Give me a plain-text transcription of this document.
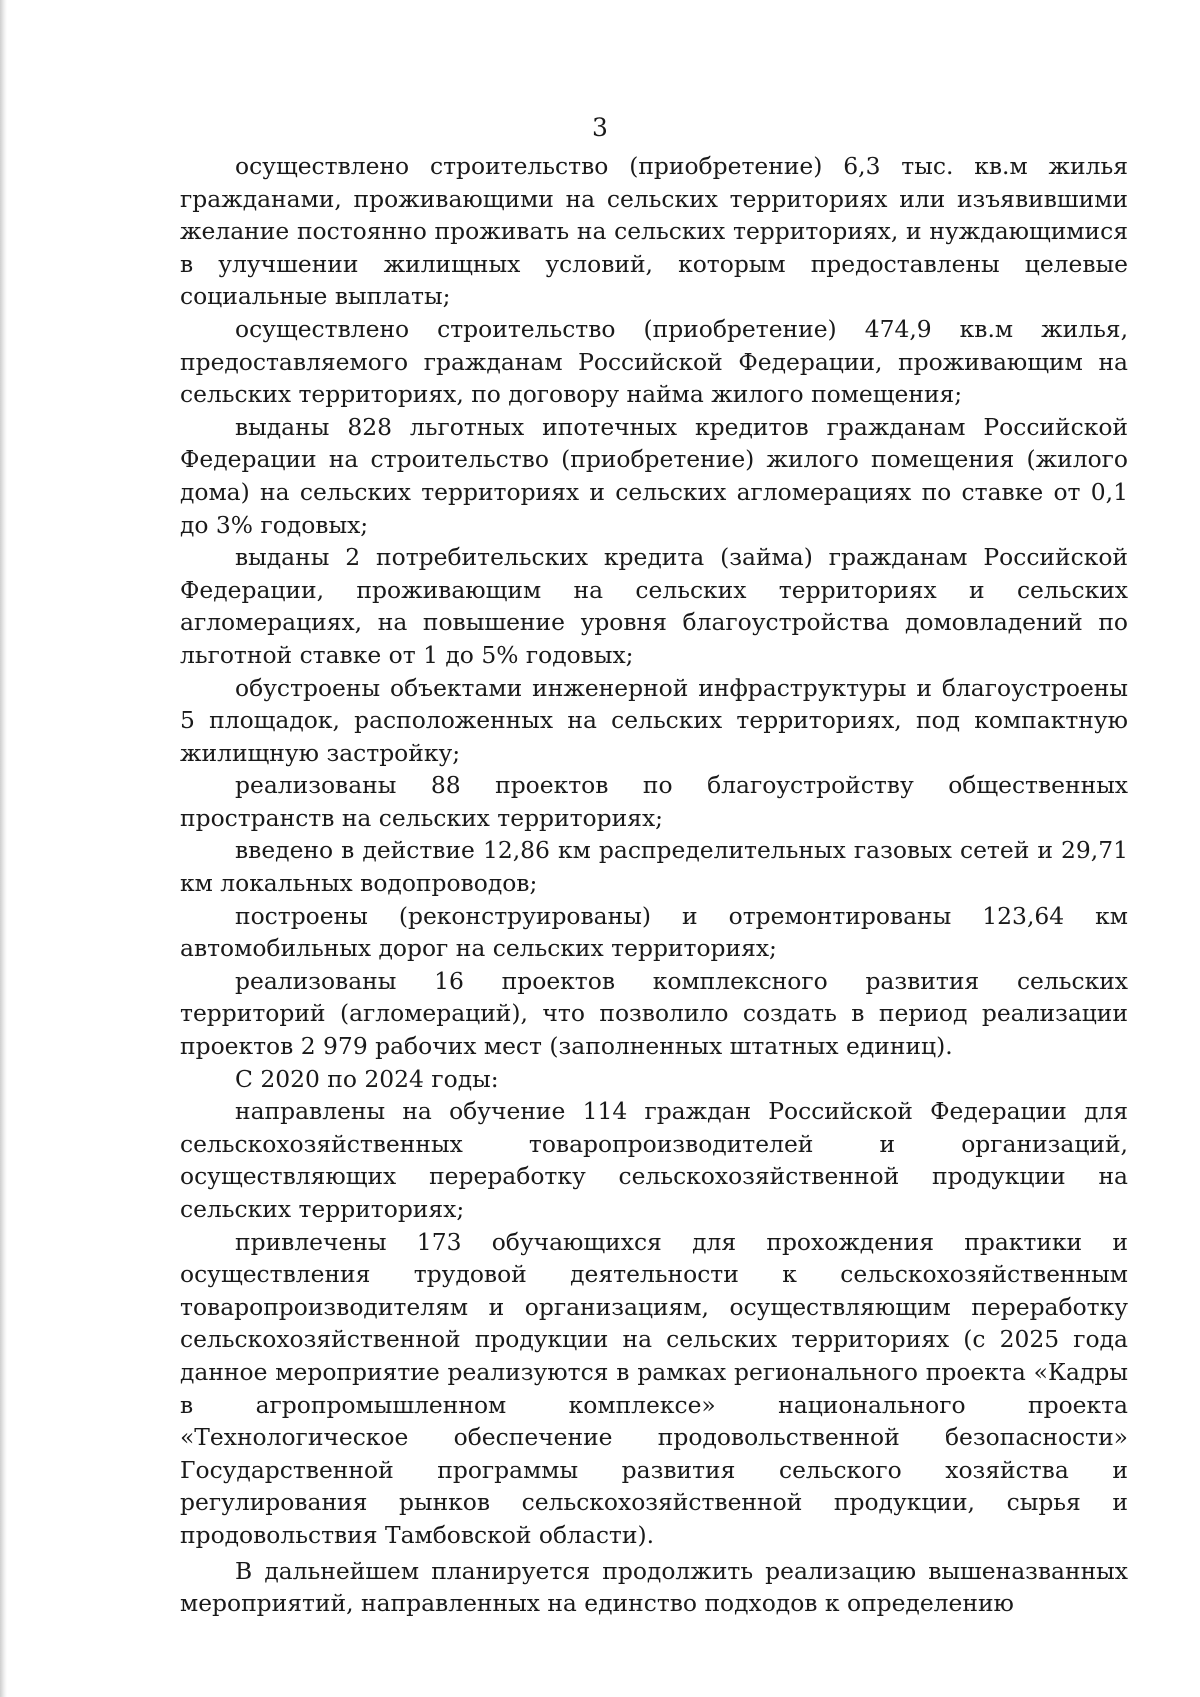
3

осуществлено строительство (приобретение) 6,3 тыс. кв.м жилья гражданами, проживающими на сельских территориях или изъявившими желание постоянно проживать на сельских территориях, и нуждающимися в улучшении жилищных условий, которым предоставлены целевые социальные выплаты;

осуществлено строительство (приобретение) 474,9 кв.м жилья, предоставляемого гражданам Российской Федерации, проживающим на сельских территориях, по договору найма жилого помещения;

выданы 828 льготных ипотечных кредитов гражданам Российской Федерации на строительство (приобретение) жилого помещения (жилого дома) на сельских территориях и сельских агломерациях по ставке от 0,1 до 3% годовых;

выданы 2 потребительских кредита (займа) гражданам Российской Федерации, проживающим на сельских территориях и сельских агломерациях, на повышение уровня благоустройства домовладений по льготной ставке от 1 до 5% годовых;

обустроены объектами инженерной инфраструктуры и благоустроены 5 площадок, расположенных на сельских территориях, под компактную жилищную застройку;

реализованы 88 проектов по благоустройству общественных пространств на сельских территориях;

введено в действие 12,86 км распределительных газовых сетей и 29,71 км локальных водопроводов;

построены (реконструированы) и отремонтированы 123,64 км автомобильных дорог на сельских территориях;

реализованы 16 проектов комплексного развития сельских территорий (агломераций), что позволило создать в период реализации проектов 2 979 рабочих мест (заполненных штатных единиц).

С 2020 по 2024 годы:

направлены на обучение 114 граждан Российской Федерации для сельскохозяйственных товаропроизводителей и организаций, осуществляющих переработку сельскохозяйственной продукции на сельских территориях;

привлечены 173 обучающихся для прохождения практики и осуществления трудовой деятельности к сельскохозяйственным товаропроизводителям и организациям, осуществляющим переработку сельскохозяйственной продукции на сельских территориях (с 2025 года данное мероприятие реализуются в рамках регионального проекта «Кадры в агропромышленном комплексе» национального проекта «Технологическое обеспечение продовольственной безопасности» Государственной программы развития сельского хозяйства и регулирования рынков сельскохозяйственной продукции, сырья и продовольствия Тамбовской области).

В дальнейшем планируется продолжить реализацию вышеназванных мероприятий, направленных на единство подходов к определению
